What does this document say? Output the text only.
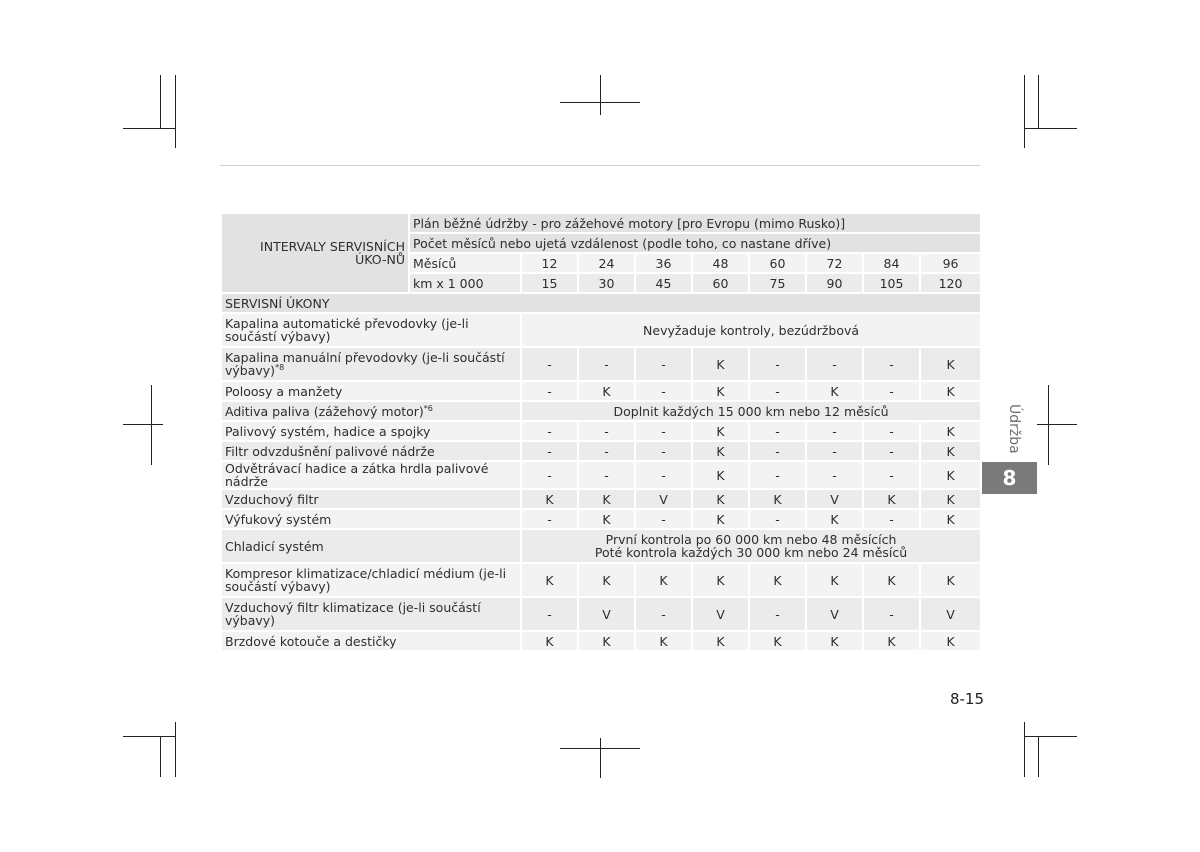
INTERVALY SERVISNÍCH ÚKO-NŮ	Plán běžné údržby - pro zážehové motory [pro Evropu (mimo Rusko)]								
	Počet měsíců nebo ujetá vzdálenost (podle toho, co nastane dříve)								
	Měsíců	12	24	36	48	60	72	84	96
	km x 1 000	15	30	45	60	75	90	105	120
SERVISNÍ ÚKONY									
Kapalina automatické převodovky (je-li součástí výbavy)		Nevyžaduje kontroly, bezúdržbová							

Kapalina manuální převodovky (je-li součástí výbavy)$^{*8}$		-	-	-	K	-	-	-	K
Poloosy a manžety		-	K	-	K	-	K	-	K
Aditiva paliva (zážehový motor)$^{*6}$		Doplnit každých 15 000 km nebo 12 měsíců							

Palivový systém, hadice a spojky		-	-	-	K	-	-	-	K
Filtr odvzdušnění palivové nádrže		-	-	-	K	-	-	-	K
Odvětrávací hadice a zátka hrdla palivové nádrže		-	-	-	K	-	-	-	K
Vzduchový filtr		K	K	V	K	K	V	K	K
Výfukový systém		-	K	-	K	-	K	-	K
Chladicí systém		První kontrola po 60 000 km nebo 48 měsících
Poté kontrola každých 30 000 km nebo 24 měsíců							

Kompresor klimatizace/chladicí médium (je-li součástí výbavy)		K	K	K	K	K	K	K	K
Vzduchový filtr klimatizace (je-li součástí výbavy)		-	V	-	V	-	V	-	V
Brzdové kotouče a destičky		K	K	K	K	K	K	K	K
Údržba
8
8-15
